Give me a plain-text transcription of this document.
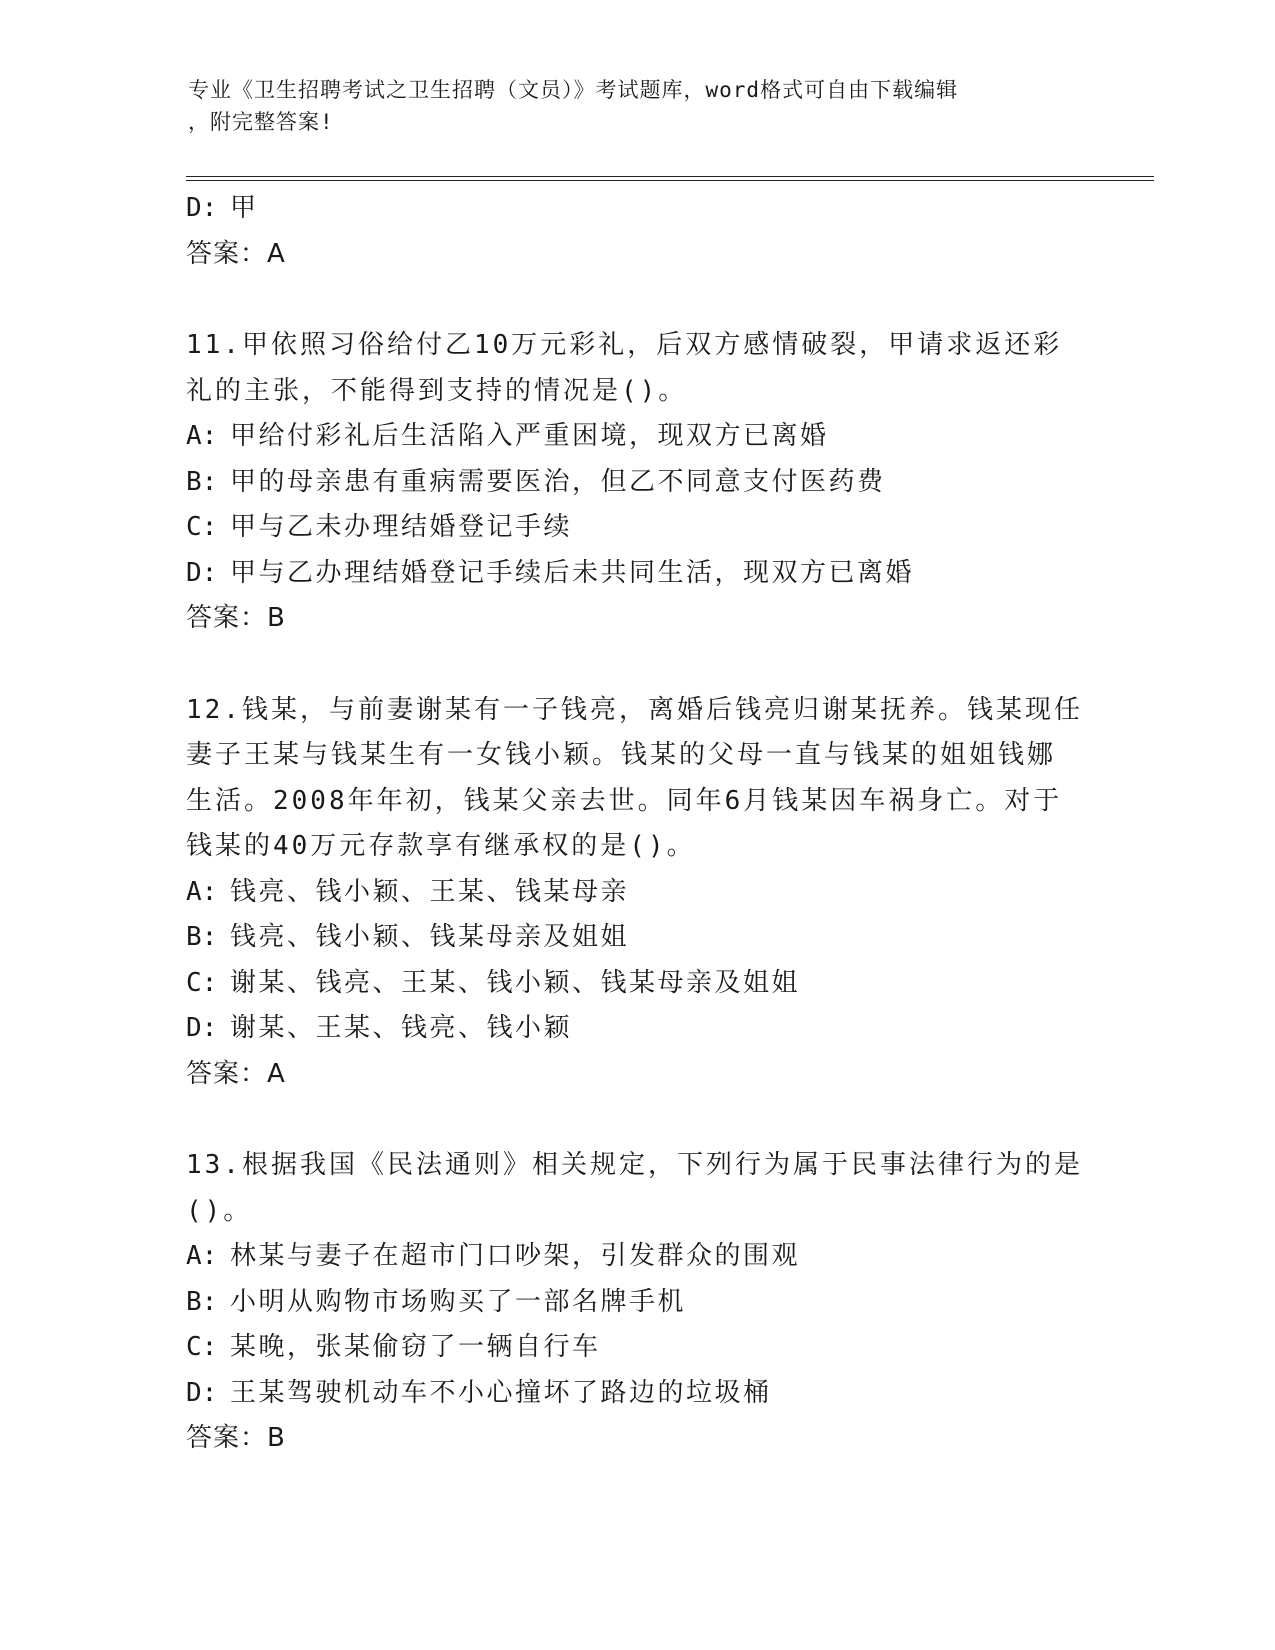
专业《卫生招聘考试之卫生招聘（文员）》考试题库，word格式可自由下载编辑
，附完整答案!
D: 甲
答案：A
11.甲依照习俗给付乙10万元彩礼，后双方感情破裂，甲请求返还彩
礼的主张，不能得到支持的情况是()。
A: 甲给付彩礼后生活陷入严重困境，现双方已离婚
B: 甲的母亲患有重病需要医治，但乙不同意支付医药费
C: 甲与乙未办理结婚登记手续
D: 甲与乙办理结婚登记手续后未共同生活，现双方已离婚
答案：B
12.钱某，与前妻谢某有一子钱亮，离婚后钱亮归谢某抚养。钱某现任
妻子王某与钱某生有一女钱小颖。钱某的父母一直与钱某的姐姐钱娜
生活。2008年年初，钱某父亲去世。同年6月钱某因车祸身亡。对于
钱某的40万元存款享有继承权的是()。
A: 钱亮、钱小颖、王某、钱某母亲
B: 钱亮、钱小颖、钱某母亲及姐姐
C: 谢某、钱亮、王某、钱小颖、钱某母亲及姐姐
D: 谢某、王某、钱亮、钱小颖
答案：A
13.根据我国《民法通则》相关规定，下列行为属于民事法律行为的是
()。
A: 林某与妻子在超市门口吵架，引发群众的围观
B: 小明从购物市场购买了一部名牌手机
C: 某晚，张某偷窃了一辆自行车
D: 王某驾驶机动车不小心撞坏了路边的垃圾桶
答案：B
